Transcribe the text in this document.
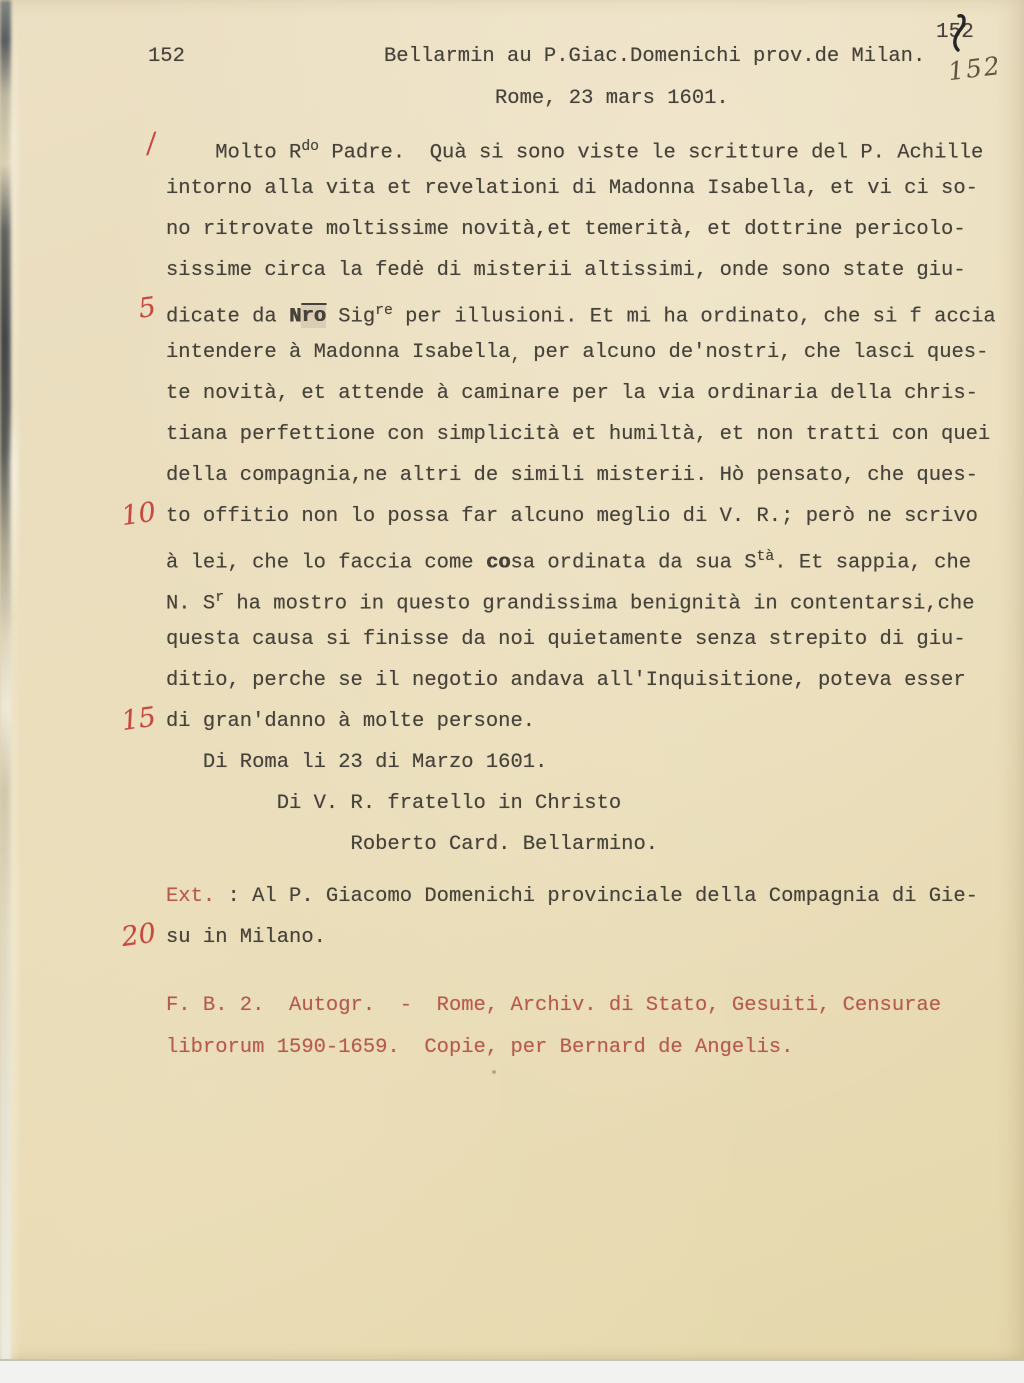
152	Bellarmin au P.Giac.Domenichi prov.de Milan.
Rome, 23 mars 1601.
152
152
Molto $R^{do}$ Padre.  Quà si sono viste le scritture del P. Achille
intorno alla vita et revelationi di Madonna Isabella, et vi ci so-
no ritrovate moltissime novità,et temerità, et dottrine pericolo-
sissime circa la fedė di misterii altissimi, onde sono state giu-
dicate da $N\overline{ro}$ Sig$^{re}$ per illusioni. Et mi ha ordinato, che si f accia
intendere à Madonna Isabella, per alcuno de'nostri, che lasci ques-
te novità, et attende à caminare per la via ordinaria della chris-
tiana perfettione con simplicità et humiltà, et non tratti con quei
della compagnia,ne altri de simili misterii. Hò pensato, che ques-
to offitio non lo possa far alcuno meglio di V. R.; però ne scrivo
à lei, che lo faccia come cosa ordinata da sua $S^{tà}$. Et sappia, che
N. $S^r$ ha mostro in questo grandissima benignità in contentarsi,che
questa causa si finisse da noi quietamente senza strepito di giu-
ditio, perche se il negotio andava all'Inquisitione, poteva esser
di gran'danno à molte persone.
Di Roma li 23 di Marzo 1601.
Di V. R. fratello in Christo
Roberto Card. Bellarmino.
Ext. : Al P. Giacomo Domenichi provinciale della Compagnia di Gie-
su in Milano.
F. B. 2.  Autogr.  -  Rome, Archiv. di Stato, Gesuiti, Censurae
librorum 1590-1659.  Copie, per Bernard de Angelis.
/
5
10
15
20
